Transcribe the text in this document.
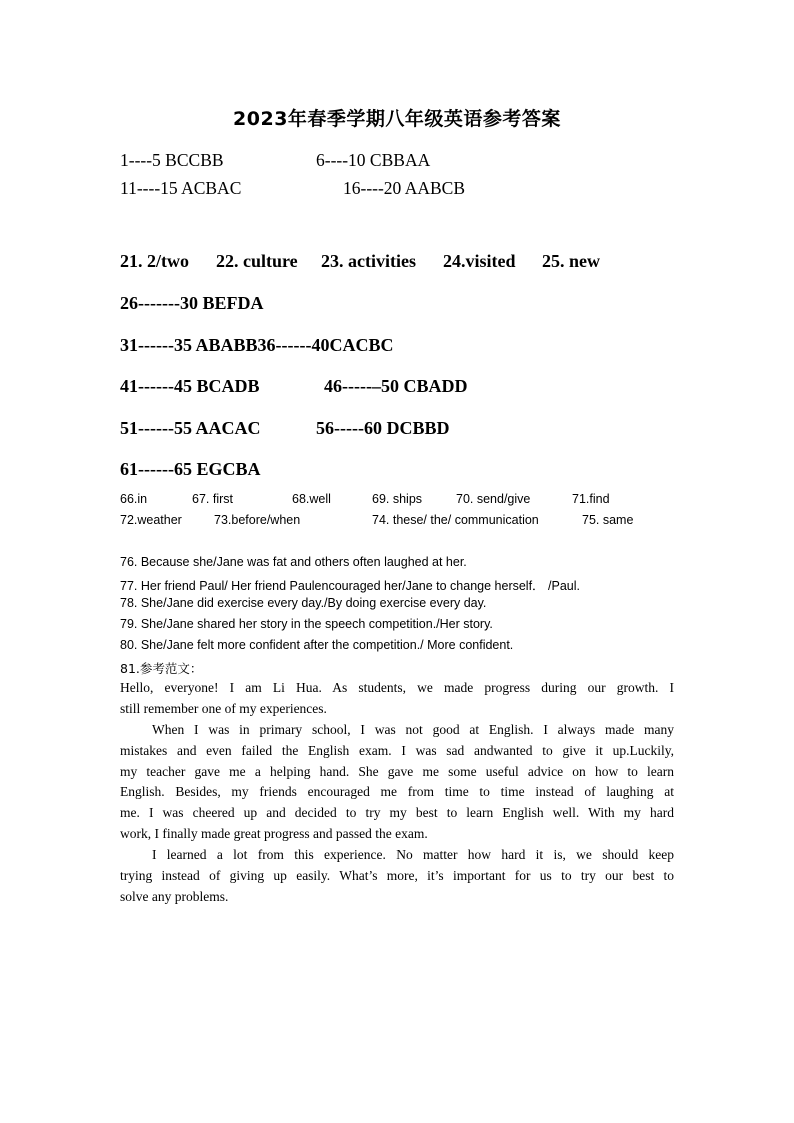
2023年春季学期八年级英语参考答案
1----5 BCCBB	6----10 CBBAA
11----15 ACBAC	16----20 AABCB
21. 2/two 22. culture 23. activities 24.visited 25. new
26-------30 BEFDA
31------35 ABABB36------40CACBC
41------45 BCADB	46-----–50 CBADD
51------55 AACAC	56-----60 DCBBD
61------65 EGCBA
66.in	67. first	68.well	69. ships	70. send/give	71.find
72.weather	73.before/when	74. these/ the/ communication	75. same
76. Because she/Jane was fat and others often laughed at her.
77. Her friend Paul/ Her friend Paulencouraged her/Jane to change herself． /Paul.
78. She/Jane did exercise every day./By doing exercise every day.
79. She/Jane shared her story in the speech competition./Her story.
80. She/Jane felt more confident after the competition./ More confident.
81.参考范文：
Hello, everyone! I am Li Hua. As students, we made progress during our growth. I
still remember one of my experiences.
When I was in primary school, I was not good at English. I always made many
mistakes and even failed the English exam. I was sad andwanted to give it up.Luckily,
my teacher gave me a helping hand. She gave me some useful advice on how to learn
English. Besides, my friends encouraged me from time to time instead of laughing at
me. I was cheered up and decided to try my best to learn English well. With my hard
work, I finally made great progress and passed the exam.
I learned a lot from this experience. No matter how hard it is, we should keep
trying instead of giving up easily. What’s more, it’s important for us to try our best to
solve any problems.
